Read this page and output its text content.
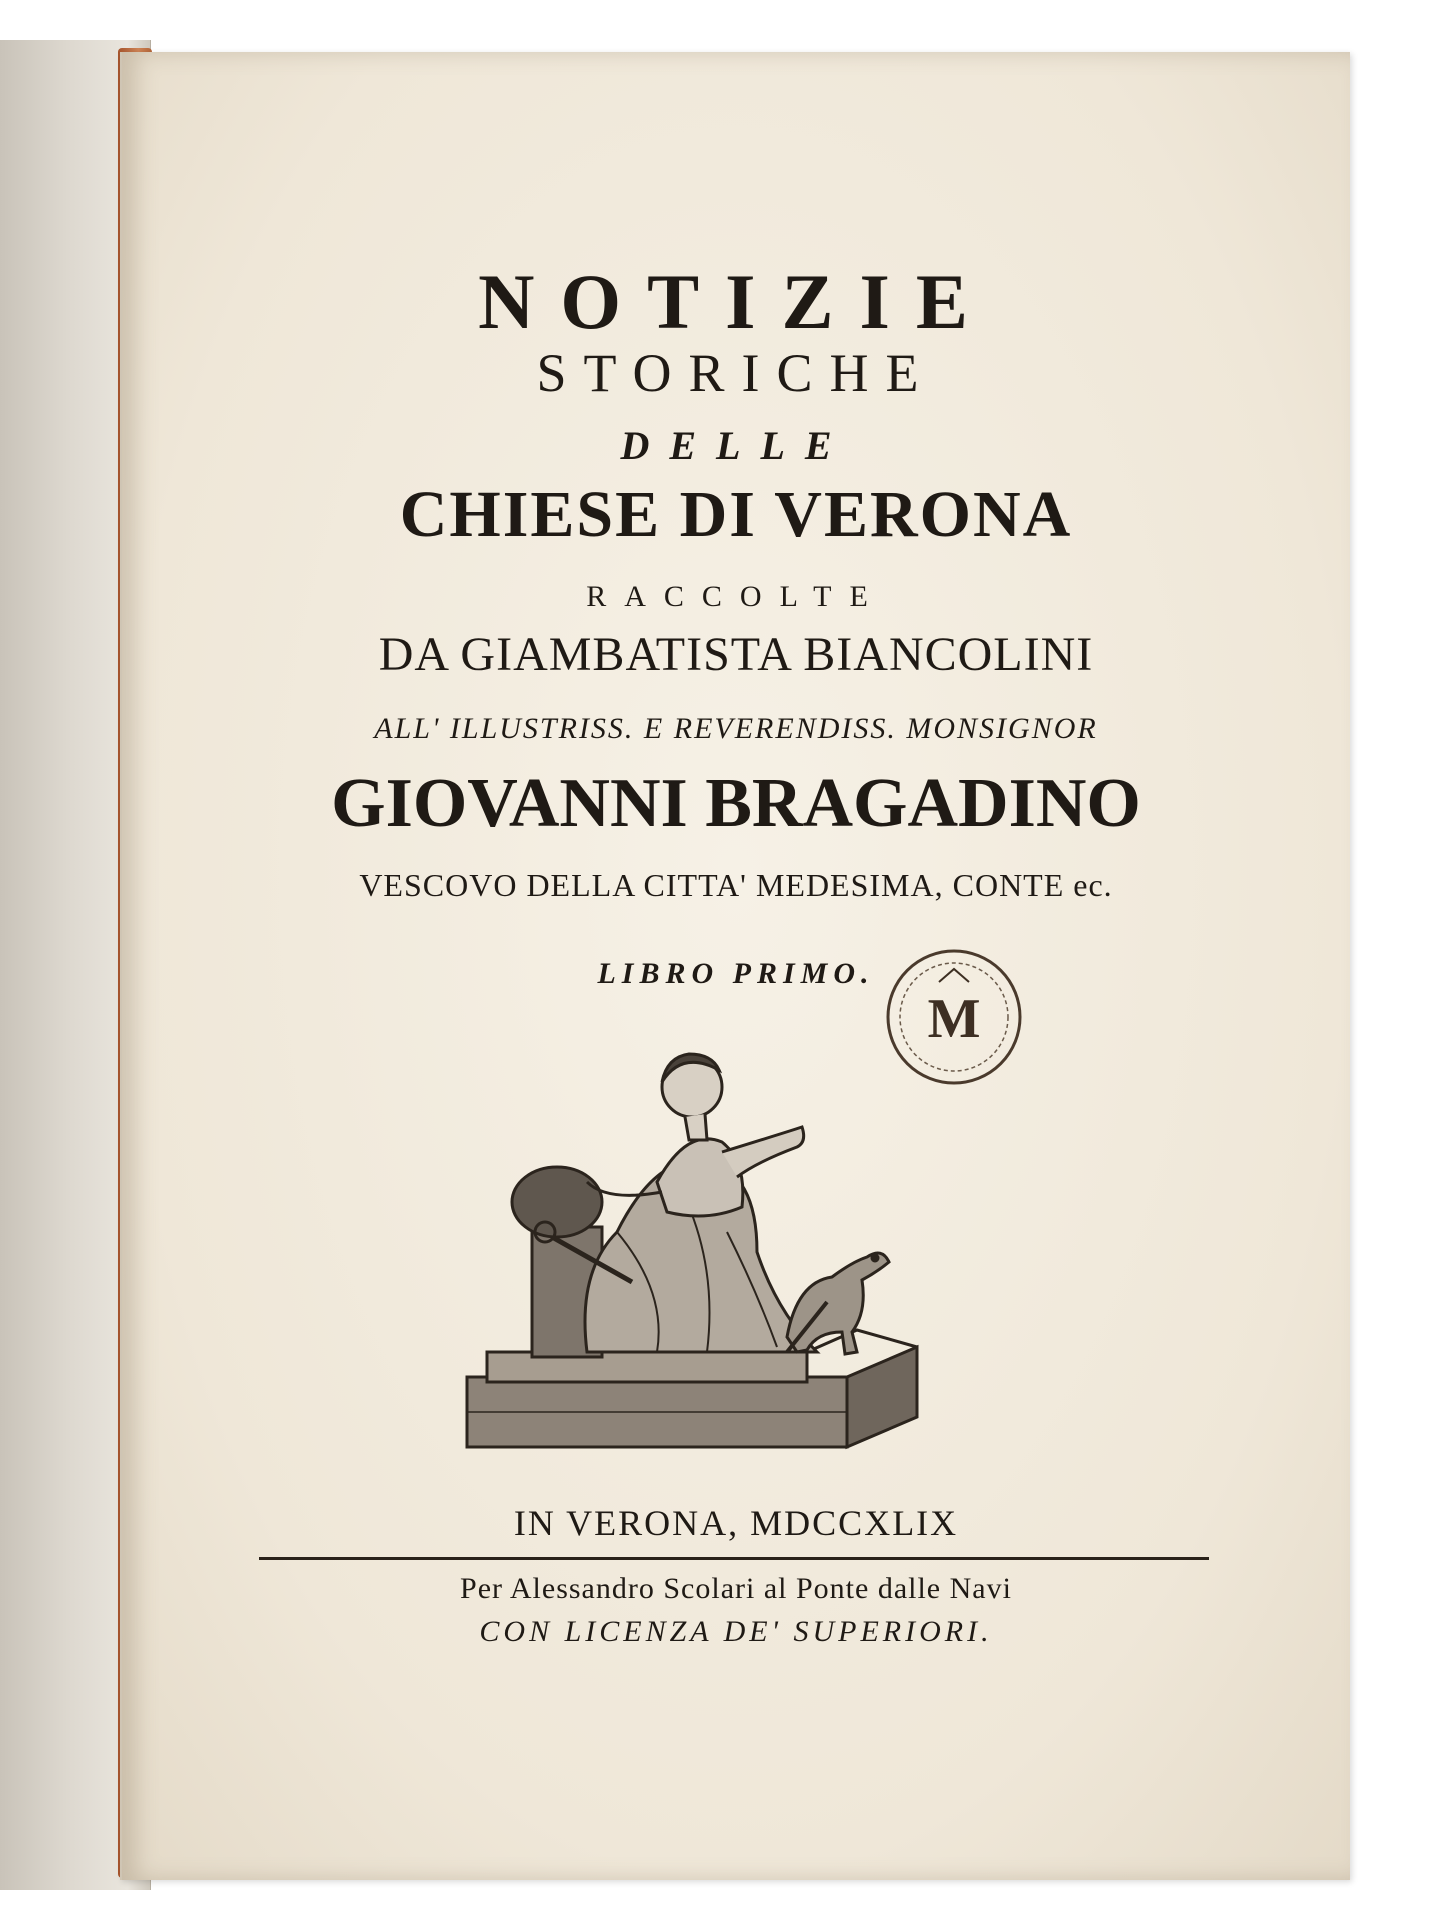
NOTIZIE
STORICHE
DELLE
CHIESE DI VERONA
RACCOLTE
DA GIAMBATISTA BIANCOLINI
ALL' ILLUSTRISS. E REVERENDISS. MONSIGNOR
GIOVANNI BRAGADINO
VESCOVO DELLA CITTA' MEDESIMA, CONTE ec.
LIBRO PRIMO.
M
IN VERONA, MDCCXLIX
Per Alessandro Scolari al Ponte dalle Navi
CON LICENZA DE' SUPERIORI.
